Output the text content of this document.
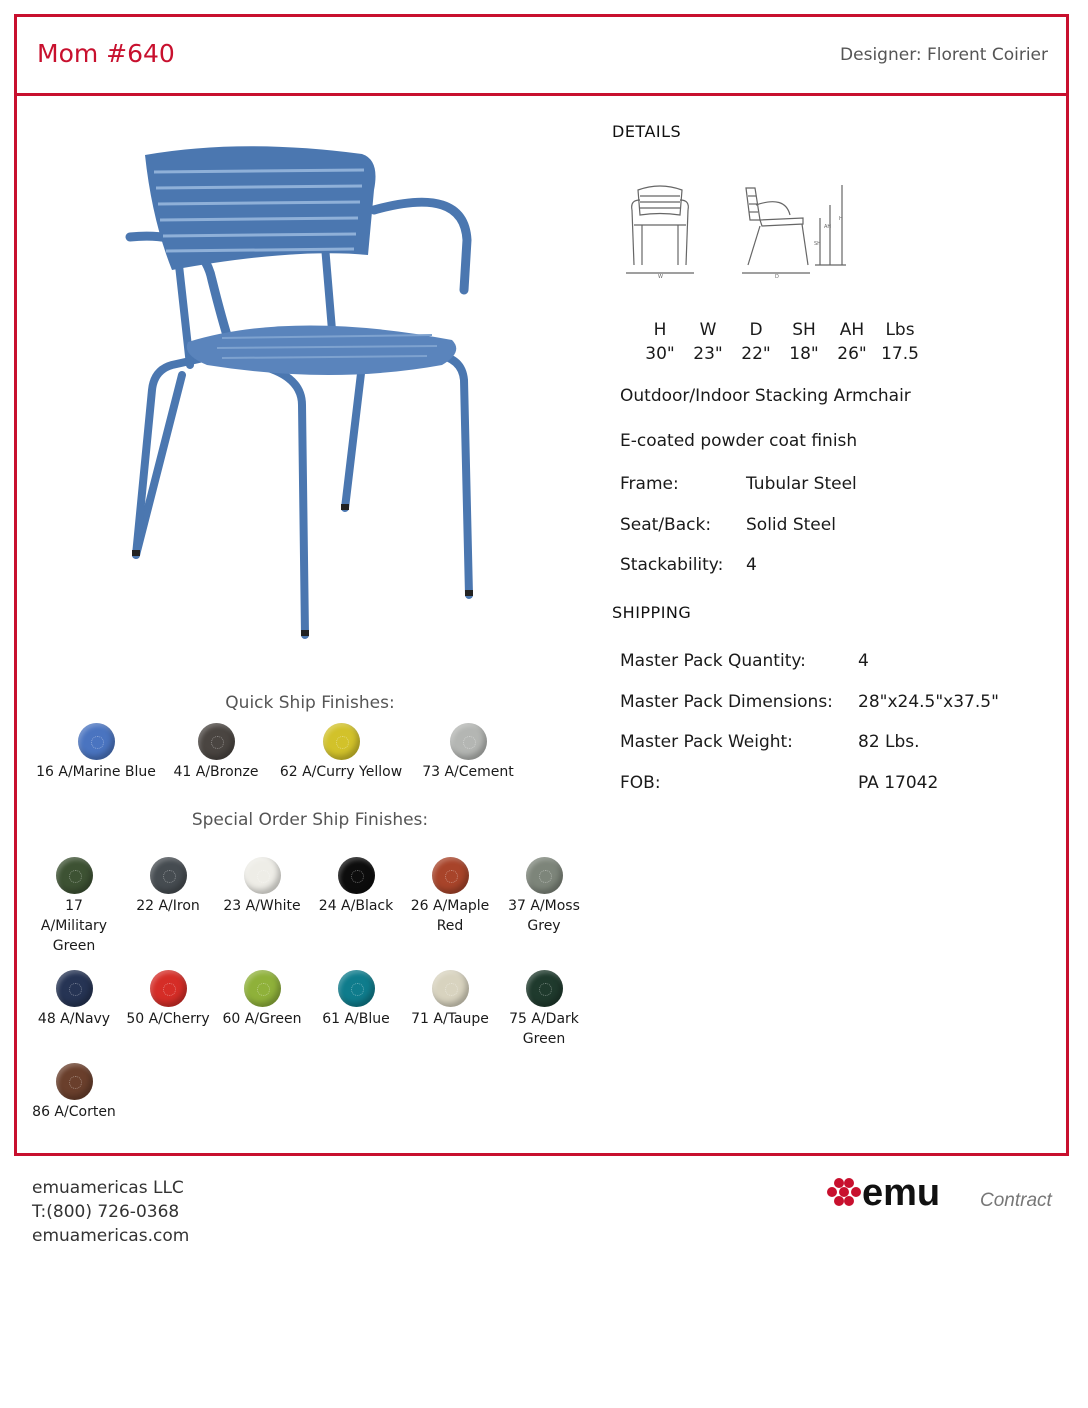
Mom #640	Designer: Florent Coirier
DETAILS
W	D
SH
AH
H
H	W	D	SH	AH	Lbs
30"	23"	22"	18"	26"	17.5
Outdoor/Indoor Stacking Armchair
E-coated powder coat finish
Frame:	Tubular Steel
Seat/Back: Solid Steel
Stackability: 4
SHIPPING
Master Pack Quantity:	4
Master Pack Dimensions: 28"x24.5"x37.5"
Master Pack Weight:	82 Lbs.
FOB:	PA 17042
Quick Ship Finishes:
16 A/Marine Blue	41 A/Bronze	62 A/Curry Yellow	73 A/Cement
Special Order Ship Finishes:
17 A/Military Green
22 A/Iron	23 A/White	24 A/Black	26 A/Maple Red
37 A/Moss Grey
48 A/Navy	50 A/Cherry 60 A/Green	61 A/Blue	71 A/Taupe	75 A/Dark Green
86 A/Corten
emuamericas LLC
T:(800) 726-0368
emuamericas.com
emu Contract
